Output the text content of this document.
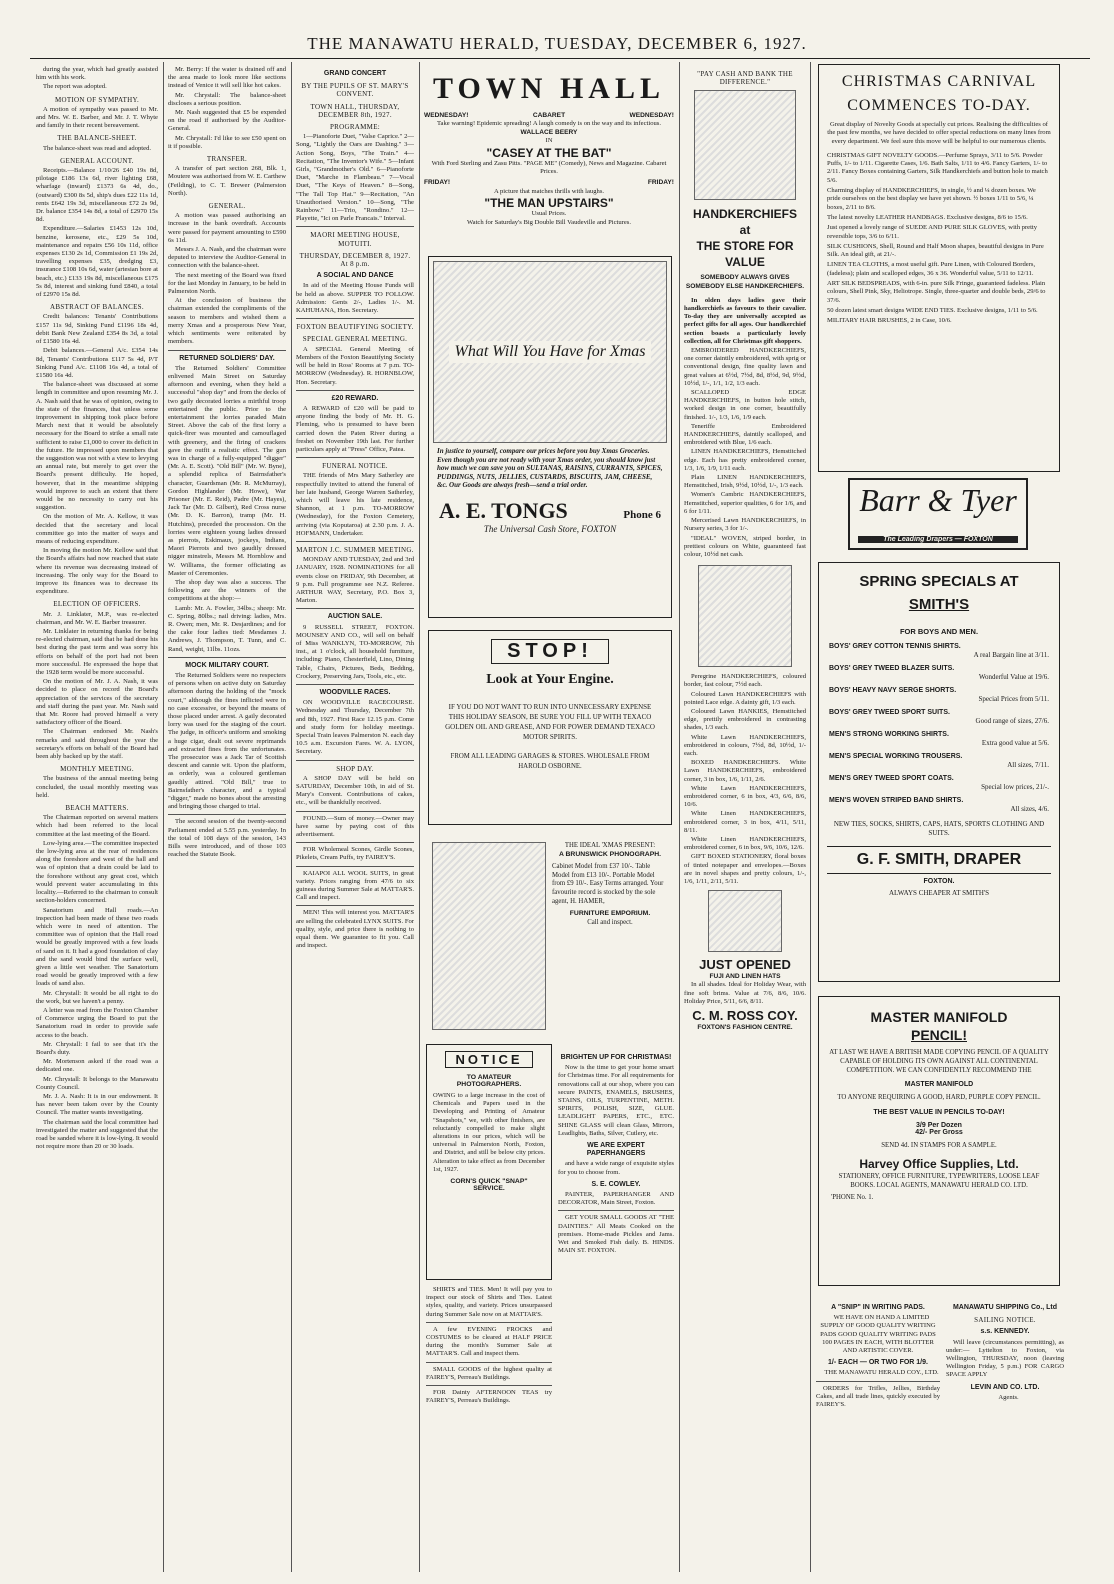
THE MANAWATU HERALD, TUESDAY, DECEMBER 6, 1927.

during the year, which had greatly assisted him with his work.

The report was adopted.

MOTION OF SYMPATHY.

A motion of sympathy was passed to Mr. and Mrs. W. E. Barber, and Mr. J. T. Whyte and family in their recent bereavement.

THE BALANCE-SHEET.

The balance-sheet was read and adopted.

GENERAL ACCOUNT.

Receipts.—Balance 1/10/26 £40 19s 8d, pilotage £186 13s 6d, river lighting £68, wharfage (inward) £1373 6s 4d, do., (outward) £300 8s 5d, ship's dues £22 11s 1d, rents £642 19s 3d, miscellaneous £72 2s 9d, Dr. balance £354 14s 8d, a total of £2970 15s 8d.

Expenditure.—Salaries £1453 12s 10d, benzine, kerosene, etc., £29 5s 10d, maintenance and repairs £56 10s 11d, office expenses £130 2s 1d, Commission £1 19s 2d, travelling expenses £35, dredging £3, insurance £108 10s 6d, water (artesian bore at beach, etc.) £133 19s 8d, miscellaneous £175 5s 8d, interest and sinking fund £840, a total of £2970 15s 8d.

ABSTRACT OF BALANCES.

Credit balances: Tenants' Contributions £157 11s 9d, Sinking Fund £1196 18s 4d, debit Bank New Zealand £354 8s 3d, a total of £1580 16s 4d.

Debit balances.—General A/c. £354 14s 8d, Tenants' Contributions £117 5s 4d, P/T Sinking Fund A/c. £1108 16s 4d, a total of £1580 16s 4d.

The balance-sheet was discussed at some length in committee and upon resuming Mr. J. A. Nash said that he was of opinion, owing to the state of the finances, that unless some improvement in shipping took place before March next that it would be absolutely necessary for the Board to strike a small rate sufficient to raise £1,000 to cover its deficit in the future. He impressed upon members that the suggestion was not with a view to levying an annual rate, but merely to get over the Board's present difficulty. He hoped, however, that in the meantime shipping would improve to such an extent that there would be no necessity to carry out his suggestion.

On the motion of Mr. A. Kellow, it was decided that the secretary and local committee go into the matter of ways and means of reducing expenditure.

In moving the motion Mr. Kellow said that the Board's affairs had now reached that state where its revenue was decreasing instead of increasing. The only way for the Board to improve its finances was to decrease its expenditure.

ELECTION OF OFFICERS.

Mr. J. Linklater, M.P., was re-elected chairman, and Mr. W. E. Barber treasurer.

Mr. Linklater in returning thanks for being re-elected chairman, said that he had done his best during the past term and was sorry his efforts on behalf of the port had not been more successful. He expressed the hope that the 1928 term would be more successful.

On the motion of Mr. J. A. Nash, it was decided to place on record the Board's appreciation of the services of the secretary and staff during the past year. Mr. Nash said that Mr. Roore had proved himself a very satisfactory officer of the Board.

The Chairman endorsed Mr. Nash's remarks and said throughout the year the secretary's efforts on behalf of the Board had been ably backed up by the staff.

MONTHLY MEETING.

The business of the annual meeting being concluded, the usual monthly meeting was held.

BEACH MATTERS.

The Chairman reported on several matters which had been referred to the local committee at the last meeting of the Board.

Low-lying area.—The committee inspected the low-lying area at the rear of residences along the foreshore and west of the hall and was of opinion that a drain could be laid to the foreshore without any great cost, which would prevent water accumulating in this locality.—Referred to the chairman to consult section-holders concerned.

Sanatorium and Hall roads.—An inspection had been made of these two roads which were in need of attention. The committee was of opinion that the Hall road would be greatly improved with a few loads of sand on it. It had a good foundation of clay and the sand would bind the surface well, given a little wet weather. The Sanatorium road would be greatly improved with a few loads of sand also.

Mr. Chrystall: It would be all right to do the work, but we haven't a penny.

A letter was read from the Foxton Chamber of Commerce urging the Board to put the Sanatorium road in order to provide safe access to the beach.

Mr. Chrystall: I fail to see that it's the Board's duty.

Mr. Mortenson asked if the road was a dedicated one.

Mr. Chrystall: It belongs to the Manawatu County Council.

Mr. J. A. Nash: It is in our endowment. It has never been taken over by the County Council. The matter wants investigating.

The chairman said the local committee had investigated the matter and suggested that the road be sanded where it is low-lying. It would not require more than 20 or 30 loads.

Mr. Berry: If the water is drained off and the area made to look more like sections instead of Venice it will sell like hot cakes.

Mr. Chrystall: The balance-sheet discloses a serious position.

Mr. Nash suggested that £5 be expended on the road if authorised by the Auditor-General.

Mr. Chrystall: I'd like to see £50 spent on it if possible.

TRANSFER.

A transfer of part section 268, Blk. 1, Moutere was authorised from W. E. Carthew (Feilding), to C. T. Brewer (Palmerston North).

GENERAL.

A motion was passed authorising an increase in the bank overdraft. Accounts were passed for payment amounting to £590 6s 11d.

Messrs J. A. Nash, and the chairman were deputed to interview the Auditor-General in connection with the balance-sheet.

The next meeting of the Board was fixed for the last Monday in January, to be held in Palmerston North.

At the conclusion of business the chairman extended the compliments of the season to members and wished them a merry Xmas and a prosperous New Year, which sentiments were reiterated by members.

RETURNED SOLDIERS' DAY.

The Returned Soldiers' Committee enlivened Main Street on Saturday afternoon and evening, when they held a successful "shop day" and from the decks of two gaily decorated lorries a mirthful troop entertained the public. Prior to the entertainment the lorries paraded Main Street. Above the cab of the first lorry a quick-firer was mounted and camouflaged with greenery, and the firing of crackers gave the outfit a realistic effect. The gun was in charge of a fully-equipped "digger" (Mr. A. E. Scott). "Old Bill" (Mr. W. Byne), a splendid replica of Bairnsfather's character, Guardsman (Mr. R. McMurray), Gordon Highlander (Mr. Howe), War Prisoner (Mr. E. Reid), Padre (Mr. Hayes), Jack Tar (Mr. D. Gilbert), Red Cross nurse (Mr. D. K. Barron), tramp (Mr. H. Hutchins), preceded the procession. On the lorries were eighteen young ladies dressed as pierrots, Eskimaux, jockeys, Indians, Maori Pierrots and two gaudily dressed nigger minstrels, Messrs M. Hornblow and W. Williams, the former officiating as Master of Ceremonies.

The shop day was also a success. The following are the winners of the competitions at the shop:—

Lamb: Mr. A. Fowler, 34lbs.; sheep: Mr. C. Spring, 80lbs.; nail driving: ladies, Mrs. R. Owen; men, Mr. R. Desjardines; and for the cake four ladies tied: Mesdames J. Andrews, J. Thompson, T. Tunn, and C. Rand, weight, 11lbs. 11ozs.

MOCK MILITARY COURT.

The Returned Soldiers were no respecters of persons when on active duty on Saturday afternoon during the holding of the "mock court," although the fines inflicted were in no case excessive, or beyond the means of those placed under arrest. A gaily decorated lorry was used for the staging of the court. The judge, in officer's uniform and smoking a huge cigar, dealt out severe reprimands and extracted fines from the unfortunates. The prosecutor was a Jack Tar of Scottish descent and cannie wit. Upon the platform, as orderly, was a coloured gentleman gaudily attired. "Old Bill," true to Bairnsfather's character, and a typical "digger," made no bones about the arresting and bringing those charged to trial.

The second session of the twenty-second Parliament ended at 5.55 p.m. yesterday. In the total of 108 days of the session, 143 Bills were introduced, and of those 103 reached the Statute Book.

GRAND CONCERT
BY THE PUPILS OF ST. MARY'S CONVENT.
TOWN HALL, THURSDAY, DECEMBER 8th, 1927.
PROGRAMME:

1—Pianoforte Duet, "Valse Caprice." 2—Song, "Lightly the Oars are Dashing." 3—Action Song, Boys, "The Train." 4—Recitation, "The Inventor's Wife." 5—Infant Girls, "Grandmother's Old." 6—Pianoforte Duet, "Marche in Flambeau." 7—Vocal Duet, "The Keys of Heaven." 8—Song, "The Tall Top Hat." 9—Recitation, "An Unauthorised Version." 10—Song, "The Rainbow." 11—Trio, "Rondino." 12—Playette, "Ici on Parle Francais." Interval.

MAORI MEETING HOUSE, MOTUITI.
THURSDAY, DECEMBER 8, 1927. At 8 p.m.
A SOCIAL AND DANCE

In aid of the Meeting House Funds will be held as above. SUPPER TO FOLLOW. Admission: Gents 2/-, Ladies 1/-. M. KAHUHANA, Hon. Secretary.

FOXTON BEAUTIFYING SOCIETY.
SPECIAL GENERAL MEETING.

A SPECIAL General Meeting of Members of the Foxton Beautifying Society will be held in Ross' Rooms at 7 p.m. TO-MORROW (Wednesday). R. HORNBLOW, Hon. Secretary.

£20 REWARD.

A REWARD of £20 will be paid to anyone finding the body of Mr. H. G. Fleming, who is presumed to have been carried down the Paten River during a freshet on November 19th last. For further particulars apply at "Press" Office, Patea.

FUNERAL NOTICE.

THE friends of Mrs Mary Satherley are respectfully invited to attend the funeral of her late husband, George Warren Satherley, which will leave his late residence, Shannon, at 1 p.m. TO-MORROW (Wednesday), for the Foxton Cemetery, arriving (via Koputaroa) at 2.30 p.m. J. A. HOFMANN, Undertaker.

MARTON J.C. SUMMER MEETING.

MONDAY AND TUESDAY, 2nd and 3rd JANUARY, 1928. NOMINATIONS for all events close on FRIDAY, 9th December, at 9 p.m. Full programme see N.Z. Referee. ARTHUR WAY, Secretary, P.O. Box 3, Marton.

AUCTION SALE.

9 RUSSELL STREET, FOXTON. MOUNSEY AND CO., will sell on behalf of Miss WANKLYN, TO-MORROW, 7th inst., at 1 o'clock, all household furniture, including: Piano, Chesterfield, Lino, Dining Table, Chairs, Pictures, Beds, Bedding, Crockery, Preserving Jars, Tools, etc., etc.

WOODVILLE RACES.

ON WOODVILLE RACECOURSE. Wednesday and Thursday, December 7th and 8th, 1927. First Race 12.15 p.m. Come and study form for holiday meetings. Special Train leaves Palmerston N. each day 10.5 a.m. Excursion Fares. W. A. LYON, Secretary.

SHOP DAY.

A SHOP DAY will be held on SATURDAY, December 10th, in aid of St. Mary's Convent. Contributions of cakes, etc., will be thankfully received.

FOUND.—Sum of money.—Owner may have same by paying cost of this advertisement.

FOR Wholemeal Scones, Girdle Scones, Pikelets, Cream Puffs, try FAIREY'S.

KAIAPOI ALL WOOL SUITS, in great variety. Prices ranging from 47/6 to six guineas during Summer Sale at MATTAR'S. Call and inspect.

MEN! This will interest you. MATTAR'S are selling the celebrated LYNX SUITS. For quality, style, and price there is nothing to equal them. We guarantee to fit you. Call and inspect.

TOWN HALL
WEDNESDAY!	CABARET	WEDNESDAY!
Take warning! Epidemic spreading! A laugh comedy is on the way and its infectious.
WALLACE BEERY
IN
"CASEY AT THE BAT"
With Ford Sterling and Zasu Pitts. "PAGE ME" (Comedy), News and Magazine. Cabaret Prices.
FRIDAY!	FRIDAY!
A picture that matches thrills with laughs.
"THE MAN UPSTAIRS"
Usual Prices.
Watch for Saturday's Big Double Bill Vaudeville and Pictures.
What Will You Have for Xmas
In justice to yourself, compare our prices before you buy Xmas Groceries. Even though you are not ready with your Xmas order, you should know just how much we can save you on SULTANAS, RAISINS, CURRANTS, SPICES, PUDDINGS, NUTS, JELLIES, CUSTARDS, BISCUITS, JAM, CHEESE, &c. Our Goods are always fresh—send a trial order.
A. E. TONGS	Phone 6
The Universal Cash Store, FOXTON
STOP!
Look at Your Engine.
IF YOU DO NOT WANT TO RUN INTO UNNECESSARY EXPENSE THIS HOLIDAY SEASON, BE SURE YOU FILL UP WITH TEXACO GOLDEN OIL AND GREASE, AND FOR POWER DEMAND TEXACO MOTOR SPIRITS.
FROM ALL LEADING GARAGES & STORES. WHOLESALE FROM HAROLD OSBORNE.
THE IDEAL 'XMAS PRESENT:
A BRUNSWICK PHONOGRAPH.
Cabinet Model from £37 10/-. Table Model from £13 10/-. Portable Model from £9 10/-. Easy Terms arranged. Your favourite record is stocked by the sole agent, H. HAMER,
FURNITURE EMPORIUM.
Call and inspect.
NOTICE
TO AMATEUR PHOTOGRAPHERS.
OWING to a large increase in the cost of Chemicals and Papers used in the Developing and Printing of Amateur "Snapshots," we, with other finishers, are reluctantly compelled to make slight alterations in our prices, which will be universal in Palmerston North, Foxton, and District, and still be below city prices. Alteration to take effect as from December 1st, 1927.
CORN'S QUICK "SNAP" SERVICE.

SHIRTS and TIES. Men! It will pay you to inspect our stock of Shirts and Ties. Latest styles, quality, and variety. Prices unsurpassed during Summer Sale now on at MATTAR'S.

A few EVENING FROCKS and COSTUMES to be cleared at HALF PRICE during the month's Summer Sale at MATTAR'S. Call and inspect them.

SMALL GOODS of the highest quality at FAIREY'S, Perreau's Buildings.

FOR Dainty AFTERNOON TEAS try FAIREY'S, Perreau's Buildings.

BRIGHTEN UP FOR CHRISTMAS!

Now is the time to get your home smart for Christmas time. For all requirements for renovations call at our shop, where you can secure PAINTS, ENAMELS, BRUSHES, STAINS, OILS, TURPENTINE, METH. SPIRITS, POLISH, SIZE, GLUE. LEADLIGHT PAPERS, ETC., ETC. SHINE GLASS will clean Glass, Mirrors, Leadlights, Baths, Silver, Cutlery, etc.

WE ARE EXPERT PAPERHANGERS

and have a wide range of exquisite styles for you to choose from.

S. E. COWLEY.

PAINTER, PAPERHANGER AND DECORATOR, Main Street, Foxton.

GET YOUR SMALL GOODS AT "THE DAINTIES." All Meats Cooked on the premises. Home-made Pickles and Jams. Wet and Smoked Fish daily. B. HINDS. MAIN ST. FOXTON.

"PAY CASH AND BANK THE DIFFERENCE."
HANDKERCHIEFS
at
THE STORE FOR
VALUE
SOMEBODY ALWAYS GIVES SOMEBODY ELSE HANDKERCHIEFS.

In olden days ladies gave their handkerchiefs as favours to their cavalier. To-day they are universally accepted as perfect gifts for all ages. Our handkerchief section boasts a particularly lovely collection, all for Christmas gift shoppers.

EMBROIDERED HANDKERCHIEFS, one corner daintily embroidered, with sprig or conventional design, fine quality lawn and great values at 6½d, 7½d, 8d, 8½d, 9d, 9½d, 10½d, 1/-, 1/1, 1/2, 1/3 each.

SCALLOPED EDGE HANDKERCHIEFS, in button hole stitch, worked design in one corner, beautifully finished. 1/-, 1/3, 1/6, 1/9 each.

Teneriffe Embroidered HANDKERCHIEFS, daintily scalloped, and embroidered with Blue, 1/6 each.

LINEN HANDKERCHIEFS, Hemstitched edge. Each has pretty embroidered corner, 1/3, 1/6, 1/9, 1/11 each.

Plain LINEN HANDKERCHIEFS, Hemstitched, Irish, 9½d, 10½d, 1/-, 1/3 each.

Women's Cambric HANDKERCHIEFS, Hemstitched, superior qualities, 6 for 1/6, and 6 for 1/11.

Mercerised Lawn HANDKERCHIEFS, in Nursery series, 3 for 1/-.

"IDEAL" WOVEN, striped border, in prettiest colours on White, guaranteed fast colour, 10½d net cash.

Peregrine HANDKERCHIEFS, coloured border, fast colour, 7½d each.

Coloured Lawn HANDKERCHIEFS with pointed Lace edge. A dainty gift, 1/3 each.

Coloured Lawn HANKIES, Hemstitched edge, prettily embroidered in contrasting shades, 1/3 each.

White Lawn HANDKERCHIEFS, embroidered in colours, 7½d, 8d, 10½d, 1/- each.

BOXED HANDKERCHIEFS. White Lawn HANDKERCHIEFS, embroidered corner, 3 in box, 1/6, 1/11, 2/6.

White Lawn HANDKERCHIEFS, embroidered corner, 6 in box, 4/3, 6/6, 8/6, 10/6.

White Linen HANDKERCHIEFS, embroidered corner, 3 in box, 4/11, 5/11, 8/11.

White Linen HANDKERCHIEFS, embroidered corner, 6 in box, 9/6, 10/6, 12/6.

GIFT BOXED STATIONERY, floral boxes of tinted notepaper and envelopes.—Boxes are in novel shapes and pretty colours, 1/-, 1/6, 1/11, 2/11, 5/11.

JUST OPENED
FUJI AND LINEN HATS

In all shades. Ideal for Holiday Wear, with fine soft brims. Value at 7/6, 8/6, 10/6. Holiday Price, 5/11, 6/6, 8/11.

C. M. ROSS COY.
FOXTON'S FASHION CENTRE.
CHRISTMAS CARNIVAL
COMMENCES TO-DAY.
Great display of Novelty Goods at specially cut prices. Realising the difficulties of the past few months, we have decided to offer special reductions on many lines from every department. We feel sure this move will be helpful to our numerous clients.

CHRISTMAS GIFT NOVELTY GOODS.—Perfume Sprays, 3/11 to 5/6. Powder Puffs, 1/- to 1/11. Cigarette Cases, 1/6. Bath Salts, 1/11 to 4/6. Fancy Garters, 1/- to 2/11. Fancy Boxes containing Garters, Silk Handkerchiefs and button hole to match 5/6.

Charming display of HANDKERCHIEFS, in single, ½ and ¼ dozen boxes. We pride ourselves on the best display we have yet shown. ½ boxes 1/11 to 5/6, ¼ boxes, 2/11 to 8/6.

The latest novelty LEATHER HANDBAGS. Exclusive designs, 8/6 to 15/6.

Just opened a lovely range of SUEDE AND PURE SILK GLOVES, with pretty reversible tops, 3/6 to 6/11.

SILK CUSHIONS, Shell, Round and Half Moon shapes, beautiful designs in Pure Silk. An ideal gift, at 21/-.

LINEN TEA CLOTHS, a most useful gift. Pure Linen, with Coloured Borders, (fadeless); plain and scalloped edges, 36 x 36. Wonderful value, 5/11 to 12/11.

ART SILK BEDSPREADS, with 6-in. pure Silk Fringe, guaranteed fadeless. Plain colours, Shell Pink, Sky, Heliotrope. Single, three-quarter and double beds, 29/6 to 37/6.

50 dozen latest smart designs WIDE END TIES. Exclusive designs, 1/11 to 5/6.

MILITARY HAIR BRUSHES, 2 in Case, 10/6.

Barr & Tyer
The Leading Drapers — FOXTON
SPRING SPECIALS AT
SMITH'S
FOR BOYS AND MEN.
BOYS' GREY COTTON TENNIS SHIRTS.
A real Bargain line at 3/11.
BOYS' GREY TWEED BLAZER SUITS.
Wonderful Value at 19/6.
BOYS' HEAVY NAVY SERGE SHORTS.
Special Prices from 5/11.
BOYS' GREY TWEED SPORT SUITS.
Good range of sizes, 27/6.
MEN'S STRONG WORKING SHIRTS.
Extra good value at 5/6.
MEN'S SPECIAL WORKING TROUSERS.
All sizes, 7/11.
MEN'S GREY TWEED SPORT COATS.
Special low prices, 21/-.
MEN'S WOVEN STRIPED BAND SHIRTS.
All sizes, 4/6.
NEW TIES, SOCKS, SHIRTS, CAPS, HATS, SPORTS CLOTHING AND SUITS.
G. F. SMITH, DRAPER
FOXTON.
ALWAYS CHEAPER AT SMITH'S
MASTER MANIFOLD
PENCIL!
AT LAST WE HAVE A BRITISH MADE COPYING PENCIL OF A QUALITY CAPABLE OF HOLDING ITS OWN AGAINST ALL CONTINENTAL COMPETITION. WE CAN CONFIDENTLY RECOMMEND THE
MASTER MANIFOLD
TO ANYONE REQUIRING A GOOD, HARD, PURPLE COPY PENCIL.
THE BEST VALUE IN PENCILS TO-DAY!
3/9 Per Dozen
42/- Per Gross
SEND 4d. IN STAMPS FOR A SAMPLE.
Harvey Office Supplies, Ltd.
STATIONERY, OFFICE FURNITURE, TYPEWRITERS, LOOSE LEAF BOOKS. LOCAL AGENTS, MANAWATU HERALD CO. LTD.
'PHONE No. 1.
A "SNIP" IN WRITING PADS.

WE HAVE ON HAND A LIMITED SUPPLY OF GOOD QUALITY WRITING PADS GOOD QUALITY WRITING PADS 100 PAGES IN EACH, WITH BLOTTER AND ARTISTIC COVER.

1/- EACH — OR TWO FOR 1/9.

THE MANAWATU HERALD COY., LTD.

ORDERS for Trifles, Jellies, Birthday Cakes, and all trade lines, quickly executed by FAIREY'S.

MANAWATU SHIPPING Co., Ltd
SAILING NOTICE.
s.s. KENNEDY.

Will leave (circumstances permitting), as under:— Lyttelton to Foxton, via Wellington, THURSDAY, noon (leaving Wellington Friday, 5 p.m.) FOR CARGO SPACE APPLY

LEVIN AND CO. LTD.

Agents.
